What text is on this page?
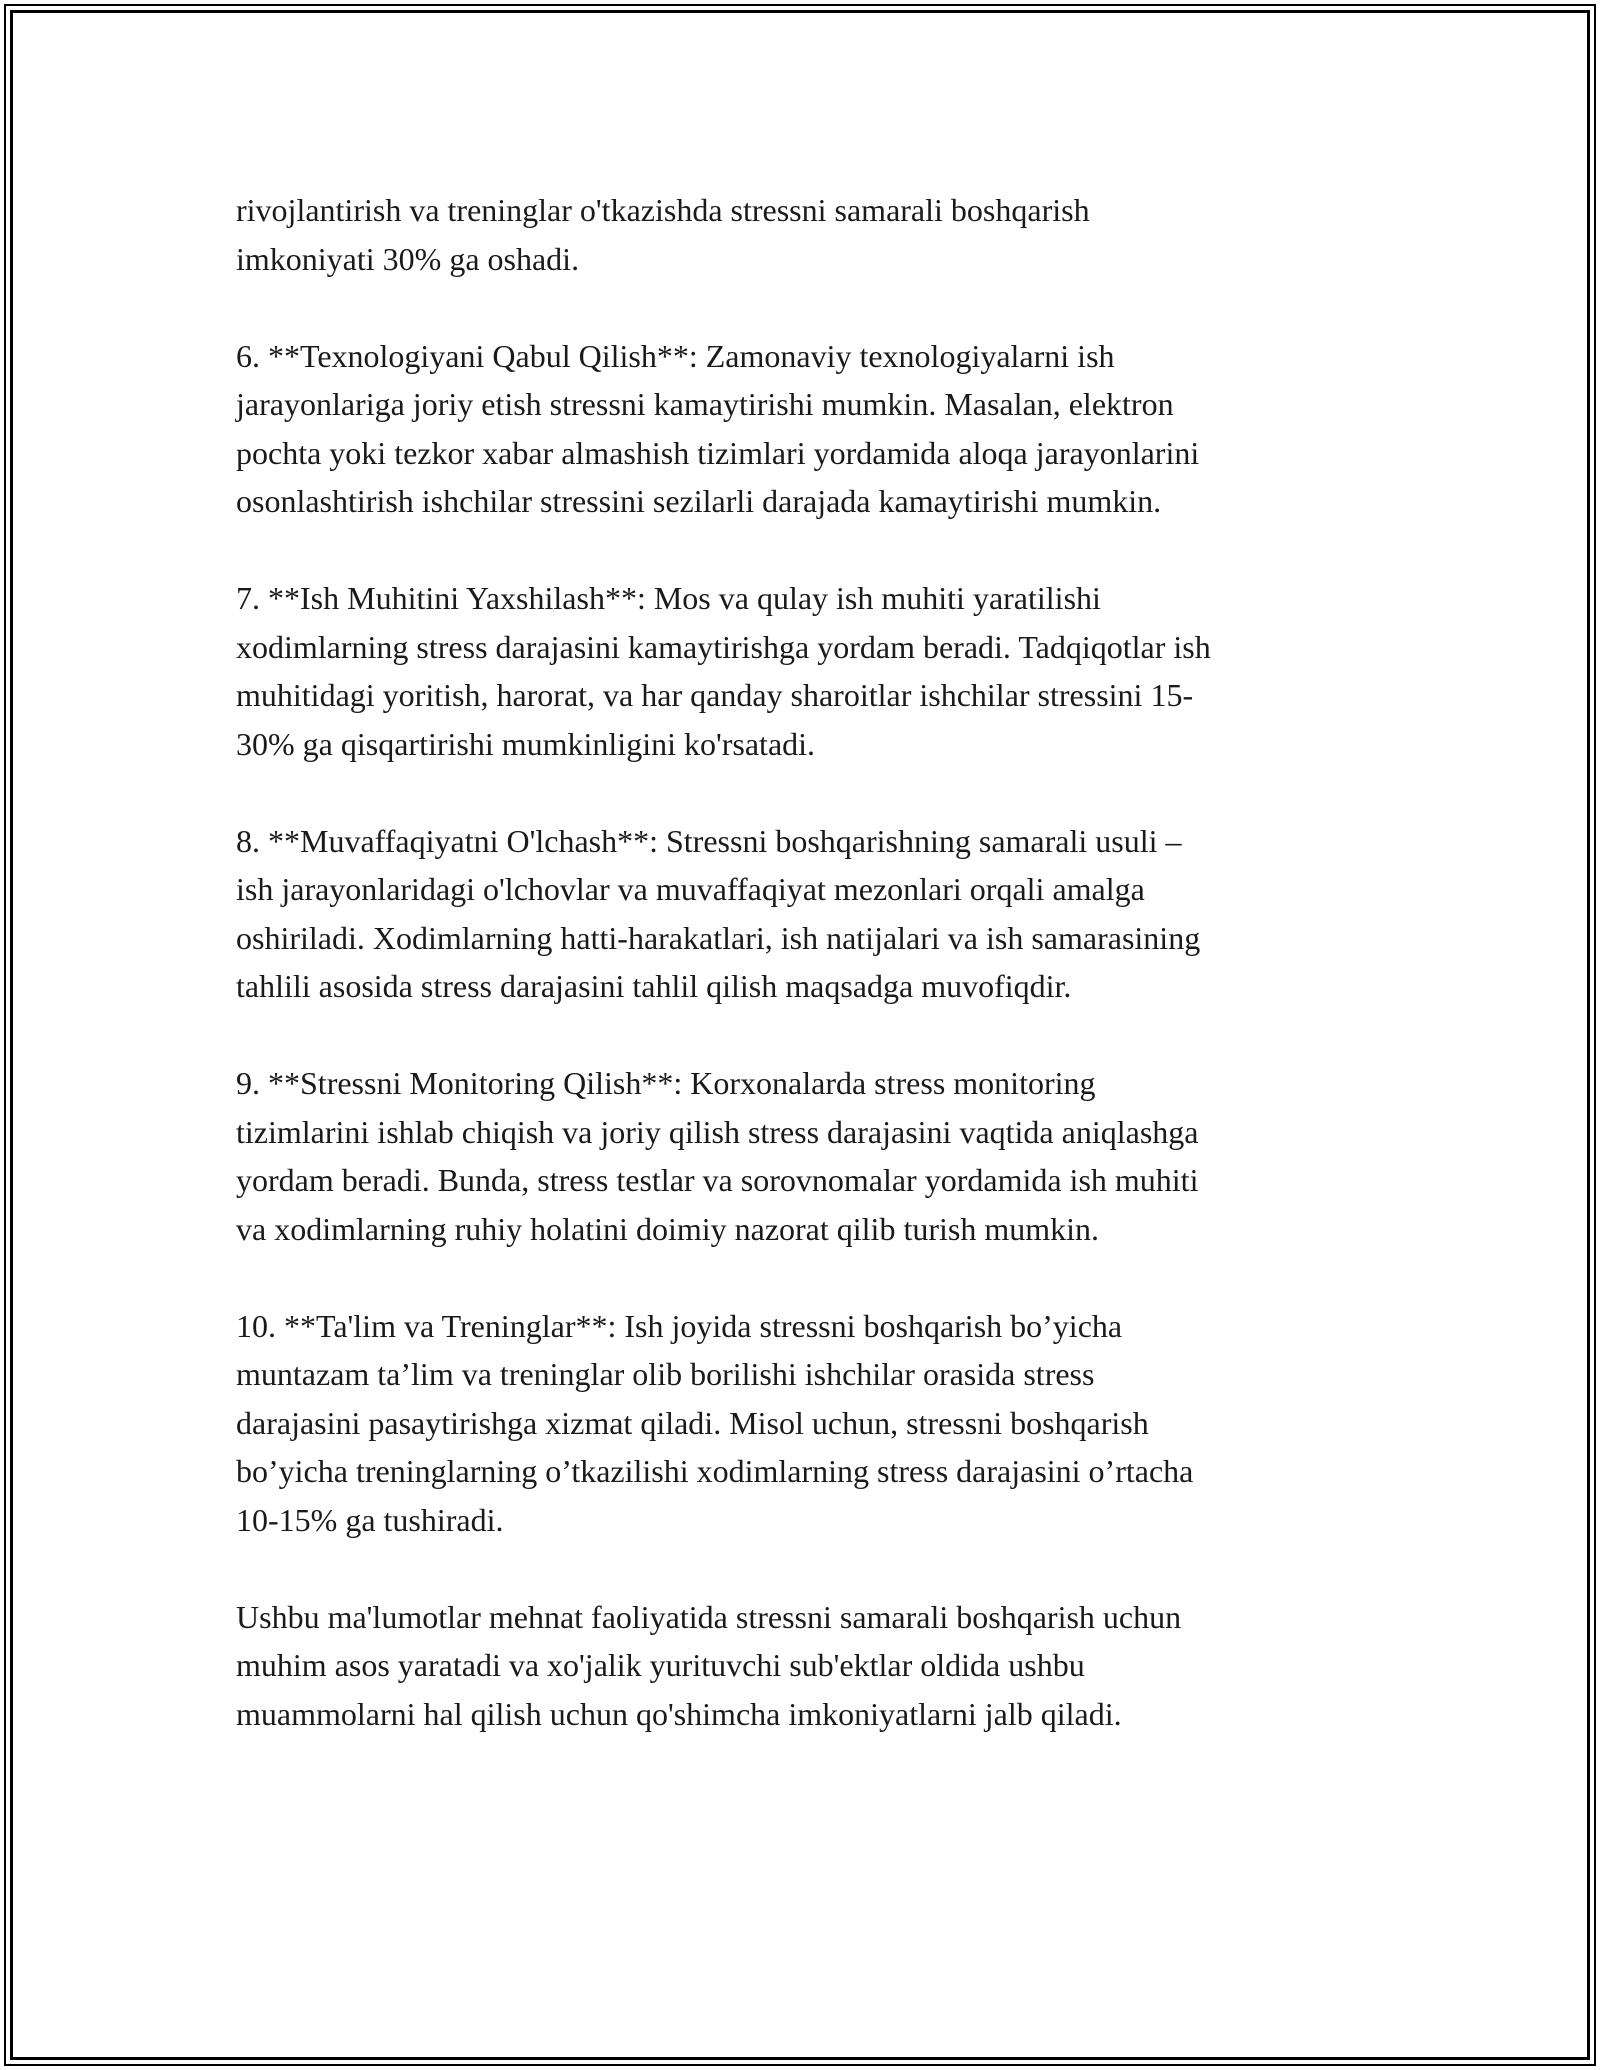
rivojlantirish va treninglar o'tkazishda stressni samarali boshqarish
imkoniyati 30% ga oshadi.

6. **Texnologiyani Qabul Qilish**: Zamonaviy texnologiyalarni ish
jarayonlariga joriy etish stressni kamaytirishi mumkin. Masalan, elektron
pochta yoki tezkor xabar almashish tizimlari yordamida aloqa jarayonlarini
osonlashtirish ishchilar stressini sezilarli darajada kamaytirishi mumkin.

7. **Ish Muhitini Yaxshilash**: Mos va qulay ish muhiti yaratilishi
xodimlarning stress darajasini kamaytirishga yordam beradi. Tadqiqotlar ish
muhitidagi yoritish, harorat, va har qanday sharoitlar ishchilar stressini 15-
30% ga qisqartirishi mumkinligini ko'rsatadi.

8. **Muvaffaqiyatni O'lchash**: Stressni boshqarishning samarali usuli –
ish jarayonlaridagi o'lchovlar va muvaffaqiyat mezonlari orqali amalga
oshiriladi. Xodimlarning hatti-harakatlari, ish natijalari va ish samarasining
tahlili asosida stress darajasini tahlil qilish maqsadga muvofiqdir.

9. **Stressni Monitoring Qilish**: Korxonalarda stress monitoring
tizimlarini ishlab chiqish va joriy qilish stress darajasini vaqtida aniqlashga
yordam beradi. Bunda, stress testlar va sorovnomalar yordamida ish muhiti
va xodimlarning ruhiy holatini doimiy nazorat qilib turish mumkin.

10. **Ta'lim va Treninglar**: Ish joyida stressni boshqarish bo’yicha
muntazam ta’lim va treninglar olib borilishi ishchilar orasida stress
darajasini pasaytirishga xizmat qiladi. Misol uchun, stressni boshqarish
bo’yicha treninglarning o’tkazilishi xodimlarning stress darajasini o’rtacha
10-15% ga tushiradi.

Ushbu ma'lumotlar mehnat faoliyatida stressni samarali boshqarish uchun
muhim asos yaratadi va xo'jalik yurituvchi sub'ektlar oldida ushbu
muammolarni hal qilish uchun qo'shimcha imkoniyatlarni jalb qiladi.
